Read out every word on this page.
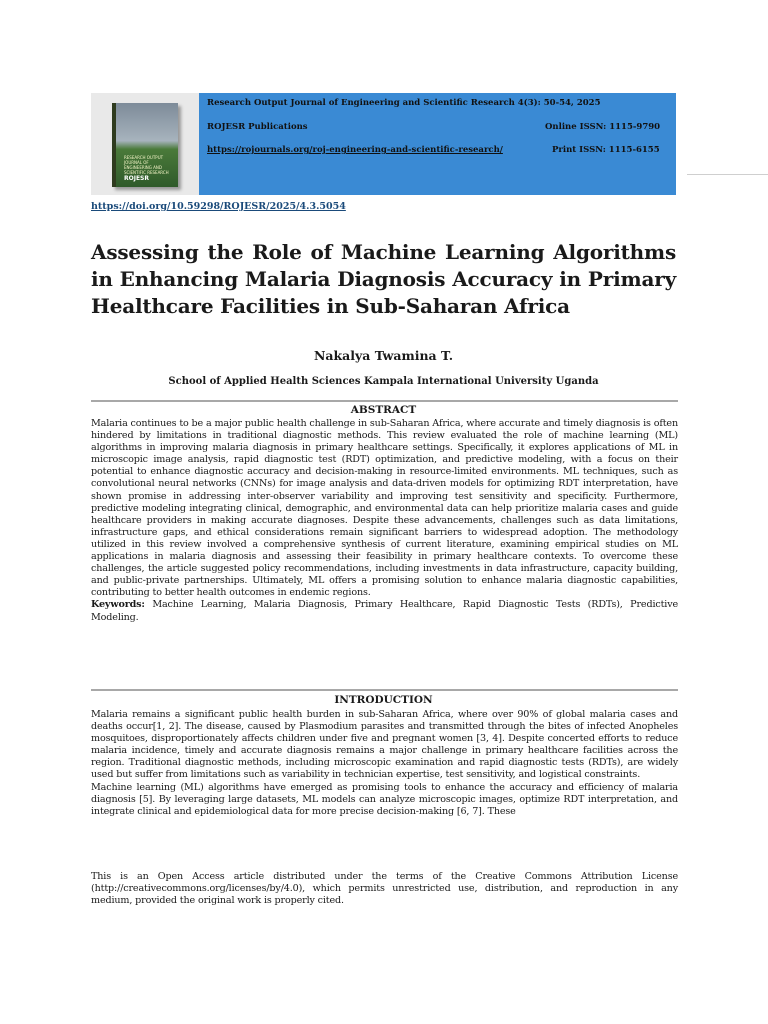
RESEARCH OUTPUT JOURNAL OF ENGINEERING AND SCIENTIFIC RESEARCH
ROJESR
Research Output Journal of Engineering and Scientific Research 4(3): 50-54, 2025
ROJESR Publications	Online ISSN: 1115-9790
https://rojournals.org/roj-engineering-and-scientific-research/	Print ISSN: 1115-6155
https://doi.org/10.59298/ROJESR/2025/4.3.5054
Assessing the Role of Machine Learning Algorithms in Enhancing Malaria Diagnosis Accuracy in Primary Healthcare Facilities in Sub-Saharan Africa
Nakalya Twamina T.
School of Applied Health Sciences Kampala International University Uganda
ABSTRACT

Malaria continues to be a major public health challenge in sub-Saharan Africa, where accurate and timely diagnosis is often hindered by limitations in traditional diagnostic methods. This review evaluated the role of machine learning (ML) algorithms in improving malaria diagnosis in primary healthcare settings. Specifically, it explores applications of ML in microscopic image analysis, rapid diagnostic test (RDT) optimization, and predictive modeling, with a focus on their potential to enhance diagnostic accuracy and decision-making in resource-limited environments. ML techniques, such as convolutional neural networks (CNNs) for image analysis and data-driven models for optimizing RDT interpretation, have shown promise in addressing inter-observer variability and improving test sensitivity and specificity. Furthermore, predictive modeling integrating clinical, demographic, and environmental data can help prioritize malaria cases and guide healthcare providers in making accurate diagnoses. Despite these advancements, challenges such as data limitations, infrastructure gaps, and ethical considerations remain significant barriers to widespread adoption. The methodology utilized in this review involved a comprehensive synthesis of current literature, examining empirical studies on ML applications in malaria diagnosis and assessing their feasibility in primary healthcare contexts. To overcome these challenges, the article suggested policy recommendations, including investments in data infrastructure, capacity building, and public-private partnerships. Ultimately, ML offers a promising solution to enhance malaria diagnostic capabilities, contributing to better health outcomes in endemic regions.

Keywords: Machine Learning, Malaria Diagnosis, Primary Healthcare, Rapid Diagnostic Tests (RDTs), Predictive Modeling.

INTRODUCTION

Malaria remains a significant public health burden in sub-Saharan Africa, where over 90% of global malaria cases and deaths occur[1, 2]. The disease, caused by Plasmodium parasites and transmitted through the bites of infected Anopheles mosquitoes, disproportionately affects children under five and pregnant women [3, 4]. Despite concerted efforts to reduce malaria incidence, timely and accurate diagnosis remains a major challenge in primary healthcare facilities across the region. Traditional diagnostic methods, including microscopic examination and rapid diagnostic tests (RDTs), are widely used but suffer from limitations such as variability in technician expertise, test sensitivity, and logistical constraints.

Machine learning (ML) algorithms have emerged as promising tools to enhance the accuracy and efficiency of malaria diagnosis [5]. By leveraging large datasets, ML models can analyze microscopic images, optimize RDT interpretation, and integrate clinical and epidemiological data for more precise decision-making [6, 7]. These

This is an Open Access article distributed under the terms of the Creative Commons Attribution License (http://creativecommons.org/licenses/by/4.0), which permits unrestricted use, distribution, and reproduction in any medium, provided the original work is properly cited.
